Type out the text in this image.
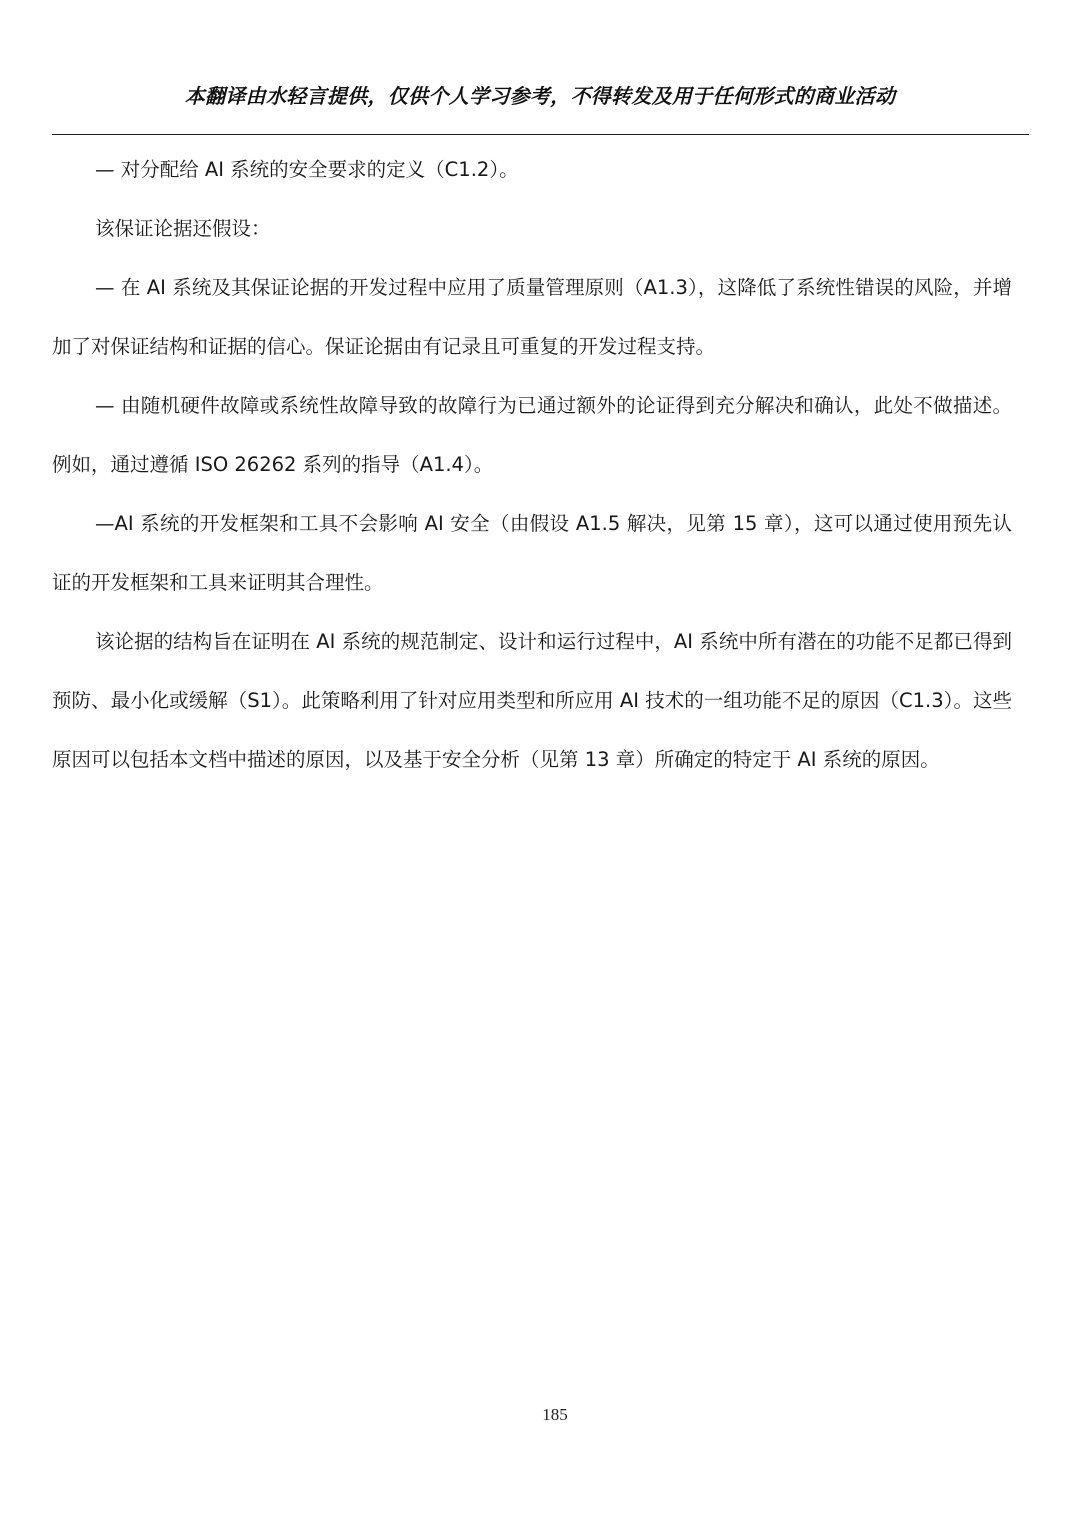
本翻译由水轻言提供，仅供个人学习参考，不得转发及用于任何形式的商业活动

— 对分配给 AI 系统的安全要求的定义（C1.2）。

该保证论据还假设：

— 在 AI 系统及其保证论据的开发过程中应用了质量管理原则（A1.3），这降低了系统性错误的风险，并增加了对保证结构和证据的信心。保证论据由有记录且可重复的开发过程支持。

— 由随机硬件故障或系统性故障导致的故障行为已通过额外的论证得到充分解决和确认，此处不做描述。例如，通过遵循 ISO 26262 系列的指导（A1.4）。

—AI 系统的开发框架和工具不会影响 AI 安全（由假设 A1.5 解决，见第 15 章），这可以通过使用预先认证的开发框架和工具来证明其合理性。

该论据的结构旨在证明在 AI 系统的规范制定、设计和运行过程中，AI 系统中所有潜在的功能不足都已得到预防、最小化或缓解（S1）。此策略利用了针对应用类型和所应用 AI 技术的一组功能不足的原因（C1.3）。这些原因可以包括本文档中描述的原因，以及基于安全分析（见第 13 章）所确定的特定于 AI 系统的原因。

185
